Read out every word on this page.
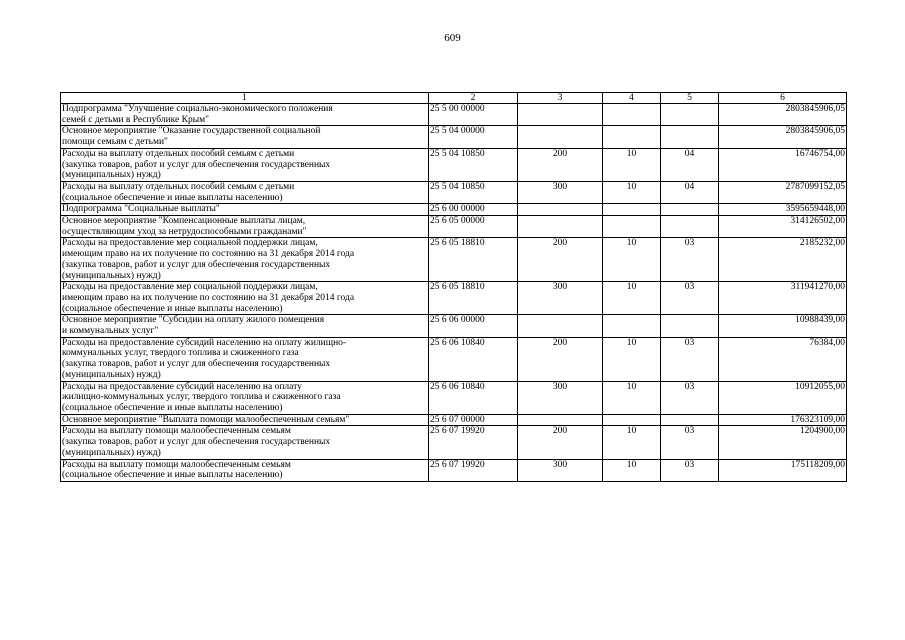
609
1	2	3	4	5	6
Подпрограмма "Улучшение социально-экономического положения
семей с детьми в Республике Крым"	25 5 00 00000				2803845906,05
Основное мероприятие "Оказание государственной социальной
помощи семьям с детьми"	25 5 04 00000				2803845906,05
Расходы на выплату отдельных пособий семьям с детьми
(закупка товаров, работ и услуг для обеспечения государственных
(муниципальных) нужд)	25 5 04 10850	200	10	04	16746754,00
Расходы на выплату отдельных пособий семьям с детьми
(социальное обеспечение и иные выплаты населению)	25 5 04 10850	300	10	04	2787099152,05
Подпрограмма "Социальные выплаты"	25 6 00 00000				3595659448,00
Основное мероприятие "Компенсационные выплаты лицам,
осуществляющим уход за нетрудоспособными гражданами"	25 6 05 00000				314126502,00
Расходы на предоставление мер социальной поддержки лицам,
имеющим право на их получение по состоянию на 31 декабря 2014 года
(закупка товаров, работ и услуг для обеспечения государственных
(муниципальных) нужд)	25 6 05 18810	200	10	03	2185232,00
Расходы на предоставление мер социальной поддержки лицам,
имеющим право на их получение по состоянию на 31 декабря 2014 года
(социальное обеспечение и иные выплаты населению)	25 6 05 18810	300	10	03	311941270,00
Основное мероприятие "Субсидии на оплату жилого помещения
и коммунальных услуг"	25 6 06 00000				10988439,00
Расходы на предоставление субсидий населению на оплату жилищно-
коммунальных услуг, твердого топлива и сжиженного газа
(закупка товаров, работ и услуг для обеспечения государственных
(муниципальных) нужд)	25 6 06 10840	200	10	03	76384,00
Расходы на предоставление субсидий населению на оплату
жилищно-коммунальных услуг, твердого топлива и сжиженного газа
(социальное обеспечение и иные выплаты населению)	25 6 06 10840	300	10	03	10912055,00
Основное мероприятие "Выплата помощи малообеспеченным семьям"	25 6 07 00000				176323109,00
Расходы на выплату помощи малообеспеченным семьям
(закупка товаров, работ и услуг для обеспечения государственных
(муниципальных) нужд)	25 6 07 19920	200	10	03	1204900,00
Расходы на выплату помощи малообеспеченным семьям
(социальное обеспечение и иные выплаты населению)	25 6 07 19920	300	10	03	175118209,00
